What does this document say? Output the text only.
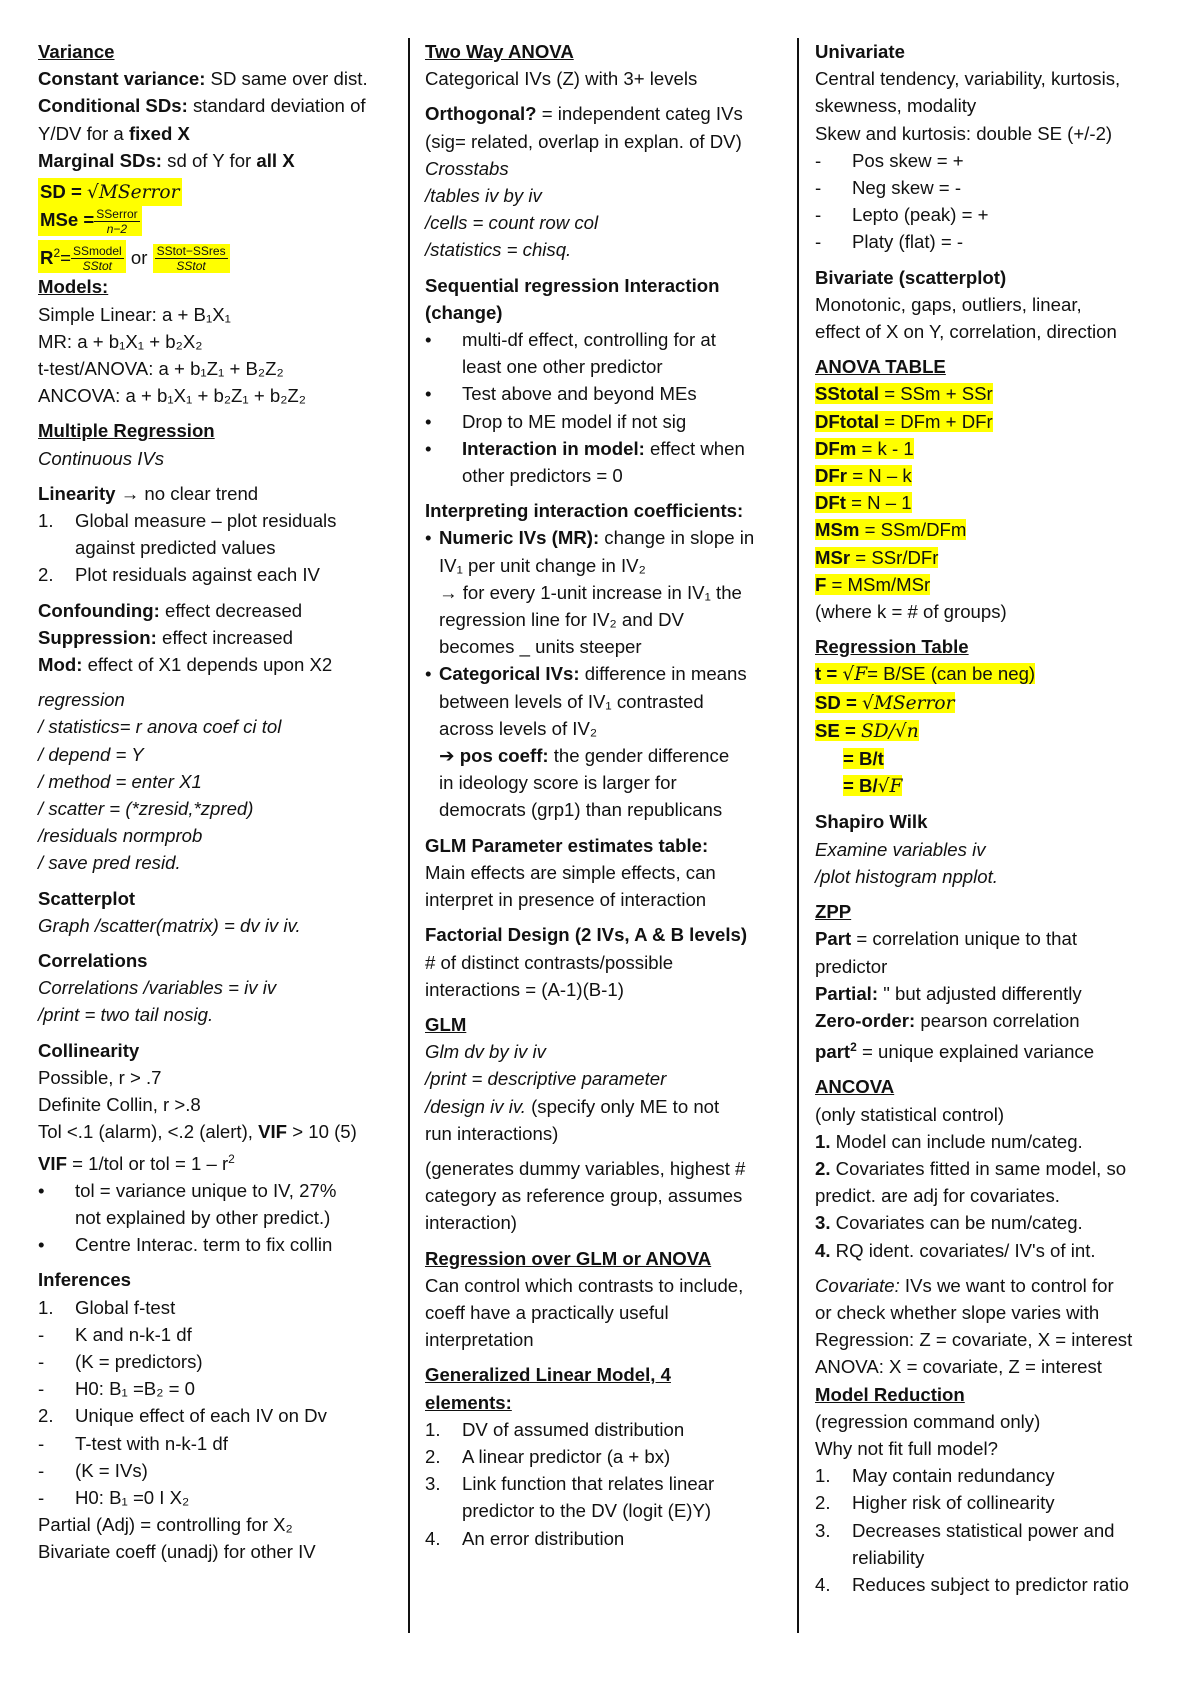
Variance
Constant variance: SD same over dist.
Conditional SDs: standard deviation of
Y/DV for a fixed X
Marginal SDs: sd of Y for all X
SD = √MSerror
MSe = $\frac{\text{SSerror}}{n-2}$
$R^2= \frac{\text{SSmodel}}{\text{SStot}}$ or $\frac{\text{SStot−SSres}}{\text{SStot}}$
Models:
Simple Linear: a + B₁X₁
MR: a + b₁X₁ + b₂X₂
t-test/ANOVA: a + b₁Z₁ + B₂Z₂
ANCOVA: a + b₁X₁ + b₂Z₁ + b₂Z₂
Multiple Regression
Continuous IVs
Linearity → no clear trend
1. Global measure – plot residuals
against predicted values
2. Plot residuals against each IV
Confounding: effect decreased
Suppression: effect increased
Mod: effect of X1 depends upon X2
regression
/ statistics= r anova coef ci tol
/ depend = Y
/ method = enter X1
/ scatter = (*zresid,*zpred)
/residuals normprob
/ save pred resid.
Scatterplot
Graph /scatter(matrix) = dv iv iv.
Correlations
Correlations /variables = iv iv
/print = two tail nosig.
Collinearity
Possible, r > .7
Definite Collin, r >.8
Tol <.1 (alarm), <.2 (alert), VIF > 10 (5)
VIF = 1/tol or tol = $1 - r^2$
• tol = variance unique to IV, 27%
not explained by other predict.)
• Centre Interac. term to fix collin
Inferences
1. Global f-test
- K and n-k-1 df
- (K = predictors)
- H0: B₁ =B₂ = 0
2. Unique effect of each IV on Dv
- T-test with n-k-1 df
- (K = IVs)
- H0: B₁ =0 I X₂
Partial (Adj) = controlling for X₂
Bivariate coeff (unadj) for other IV
Two Way ANOVA
Categorical IVs (Z) with 3+ levels
Orthogonal? = independent categ IVs
(sig= related, overlap in explan. of DV)
Crosstabs
/tables iv by iv
/cells = count row col
/statistics = chisq.
Sequential regression Interaction
(change)
• multi-df effect, controlling for at
least one other predictor
• Test above and beyond MEs
• Drop to ME model if not sig
• Interaction in model: effect when
other predictors = 0
Interpreting interaction coefficients:
• Numeric IVs (MR): change in slope in
IV₁ per unit change in IV₂
→ for every 1-unit increase in IV₁ the
regression line for IV₂ and DV
becomes _ units steeper
• Categorical IVs: difference in means
between levels of IV₁ contrasted
across levels of IV₂
➔ pos coeff: the gender difference
in ideology score is larger for
democrats (grp1) than republicans
GLM Parameter estimates table:
Main effects are simple effects, can
interpret in presence of interaction
Factorial Design (2 IVs, A & B levels)
# of distinct contrasts/possible
interactions = (A-1)(B-1)
GLM
Glm dv by iv iv
/print = descriptive parameter
/design iv iv. (specify only ME to not
run interactions)
(generates dummy variables, highest #
category as reference group, assumes
interaction)
Regression over GLM or ANOVA
Can control which contrasts to include,
coeff have a practically useful
interpretation
Generalized Linear Model, 4
elements:
1. DV of assumed distribution
2. A linear predictor (a + bx)
3. Link function that relates linear
predictor to the DV (logit (E)Y)
4. An error distribution
Univariate
Central tendency, variability, kurtosis,
skewness, modality
Skew and kurtosis: double SE (+/-2)
- Pos skew = +
- Neg skew = -
- Lepto (peak) = +
- Platy (flat) = -
Bivariate (scatterplot)
Monotonic, gaps, outliers, linear,
effect of X on Y, correlation, direction
ANOVA TABLE
SStotal = SSm + SSr
DFtotal = DFm + DFr
DFm = k - 1
DFr = N – k
DFt = N – 1
MSm = SSm/DFm
MSr = SSr/DFr
F = MSm/MSr
(where k = # of groups)
Regression Table
t = √F= B/SE (can be neg)
SD = √MSerror
SE = SD/√n
= B/t
= B/√F
Shapiro Wilk
Examine variables iv
/plot histogram npplot.
ZPP
Part = correlation unique to that
predictor
Partial: " but adjusted differently
Zero-order: pearson correlation
part$^2$ = unique explained variance
ANCOVA
(only statistical control)
1. Model can include num/categ.
2. Covariates fitted in same model, so
predict. are adj for covariates.
3. Covariates can be num/categ.
4. RQ ident. covariates/ IV's of int.
Covariate: IVs we want to control for
or check whether slope varies with
Regression: Z = covariate, X = interest
ANOVA: X = covariate, Z = interest
Model Reduction
(regression command only)
Why not fit full model?
1. May contain redundancy
2. Higher risk of collinearity
3. Decreases statistical power and
reliability
4. Reduces subject to predictor ratio
